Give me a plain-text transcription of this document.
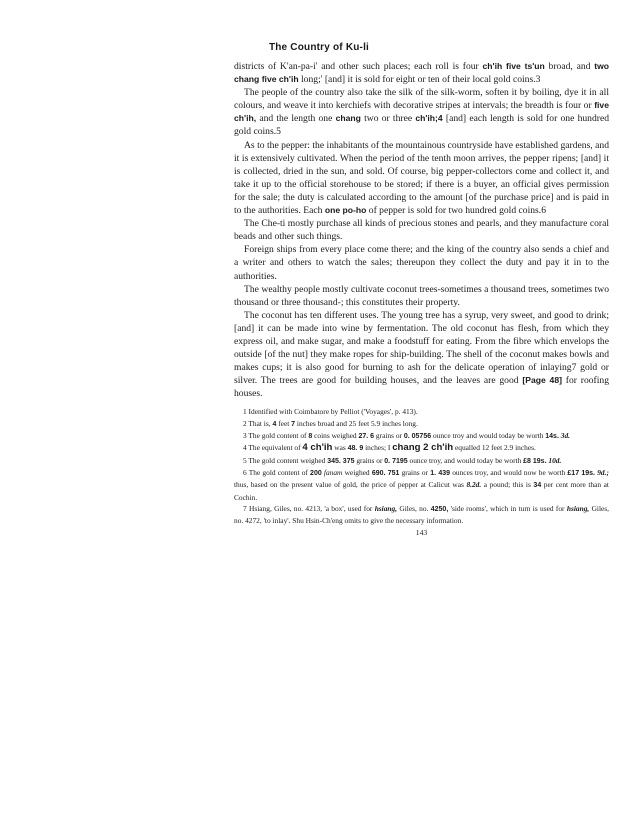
The Country of Ku-li

districts of K'an-pa-i' and other such places; each roll is four ch'ih five ts'un broad, and two chang five ch'ih long;' [and] it is sold for eight or ten of their local gold coins.3

The people of the country also take the silk of the silk-worm, soften it by boiling, dye it in all colours, and weave it into kerchiefs with decorative stripes at intervals; the breadth is four or five ch'ih, and the length one chang two or three ch'ih;4 [and] each length is sold for one hundred gold coins.5

As to the pepper: the inhabitants of the mountainous countryside have established gardens, and it is extensively cultivated. When the period of the tenth moon arrives, the pepper ripens; [and] it is collected, dried in the sun, and sold. Of course, big pepper-collectors come and collect it, and take it up to the official storehouse to be stored; if there is a buyer, an official gives permission for the sale; the duty is calculated according to the amount [of the purchase price] and is paid in to the authorities. Each one po-ho of pepper is sold for two hundred gold coins.6

The Che-ti mostly purchase all kinds of precious stones and pearls, and they manufacture coral beads and other such things.

Foreign ships from every place come there; and the king of the country also sends a chief and a writer and others to watch the sales; thereupon they collect the duty and pay it in to the authorities.

The wealthy people mostly cultivate coconut trees-sometimes a thousand trees, sometimes two thousand or three thousand-; this constitutes their property.

The coconut has ten different uses. The young tree has a syrup, very sweet, and good to drink; [and] it can be made into wine by fermentation. The old coconut has flesh, from which they express oil, and make sugar, and make a foodstuff for eating. From the fibre which envelops the outside [of the nut] they make ropes for ship-building. The shell of the coconut makes bowls and makes cups; it is also good for burning to ash for the delicate operation of inlaying7 gold or silver. The trees are good for building houses, and the leaves are good [Page 48] for roofing houses.

1 Identified with Coimbatore by Pelliot ('Voyages', p. 413).

2 That is, 4 feet 7 inches broad and 25 feet 5.9 inches long.

3 The gold content of 8 coins weighed 27. 6 grains or 0. 05756 ounce troy and would today be worth 14s. 3d.

4 The equivalent of 4 ch'ih was 48. 9 inches; I chang 2 ch'ih equalled 12 feet 2.9 inches.

5 The gold content weighed 345. 375 grains or 0. 7195 ounce troy, and would today be worth £8 19s. 10d.

6 The gold content of 200 fanam weighed 690. 751 grains or 1. 439 ounces troy, and would now be worth £17 19s. 9d.; thus, based on the present value of gold, the price of pepper at Calicut was 8.2d. a pound; this is 34 per cent more than at Cochin.

7 Hsiang, Giles, no. 4213, 'a box', used for hsiang, Giles, no. 4250, 'side rooms', which in turn is used for hsiang, Giles, no. 4272, 'to inlay'. Shu Hsin-Ch'eng omits to give the necessary information.

143
